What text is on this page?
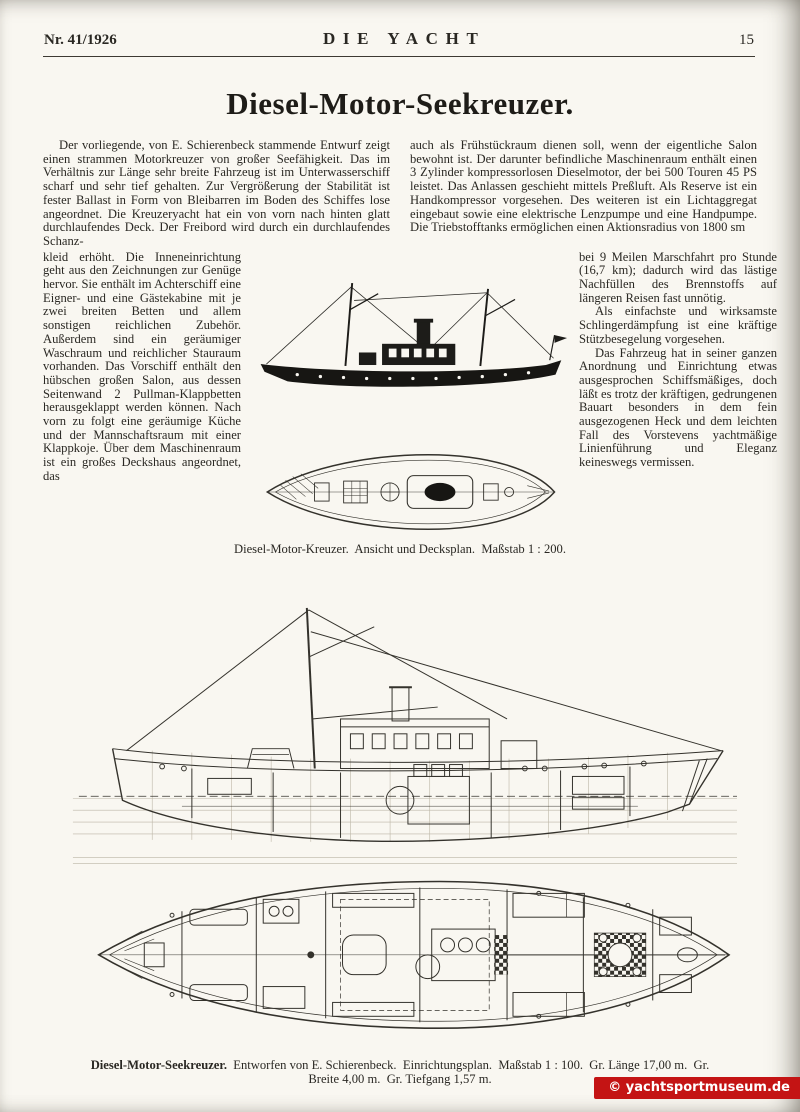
Nr. 41/1926	DIE YACHT	15
Diesel-Motor-Seekreuzer.

Der vorliegende, von E. Schierenbeck stammende Entwurf zeigt einen strammen Motorkreuzer von großer Seefähigkeit. Das im Verhältnis zur Länge sehr breite Fahrzeug ist im Unterwasserschiff scharf und sehr tief gehalten. Zur Vergrößerung der Stabilität ist fester Ballast in Form von Bleibarren im Boden des Schiffes lose angeordnet. Die Kreuzeryacht hat ein von vorn nach hinten glatt durchlaufendes Deck. Der Freibord wird durch ein durchlaufendes Schanz-

auch als Frühstückraum dienen soll, wenn der eigentliche Salon bewohnt ist. Der darunter befindliche Maschinenraum enthält einen 3 Zylinder kompressorlosen Dieselmotor, der bei 500 Touren 45 PS leistet. Das Anlassen geschieht mittels Preßluft. Als Reserve ist ein Handkompressor vorgesehen. Des weiteren ist ein Lichtaggregat eingebaut sowie eine elektrische Lenzpumpe und eine Handpumpe. Die Triebstofftanks ermöglichen einen Aktionsradius von 1800 sm

kleid erhöht. Die Inneneinrichtung geht aus den Zeichnungen zur Genüge hervor. Sie enthält im Achterschiff eine Eigner- und eine Gästekabine mit je zwei breiten Betten und allem sonstigen reichlichen Zubehör. Außerdem sind ein geräumiger Waschraum und reichlicher Stauraum vorhanden. Das Vorschiff enthält den hübschen großen Salon, aus dessen Seitenwand 2 Pullman-Klappbetten herausgeklappt werden können. Nach vorn zu folgt eine geräumige Küche und der Mannschaftsraum mit einer Klappkoje. Über dem Maschinenraum ist ein großes Deckshaus angeordnet, das

bei 9 Meilen Marschfahrt pro Stunde (16,7 km); dadurch wird das lästige Nachfüllen des Brennstoffs auf längeren Reisen fast unnötig.

Als einfachste und wirksamste Schlingerdämpfung ist eine kräftige Stützbesegelung vorgesehen.

Das Fahrzeug hat in seiner ganzen Anordnung und Einrichtung etwas ausgesprochen Schiffsmäßiges, doch läßt es trotz der kräftigen, gedrungenen Bauart besonders in dem fein ausgezogenen Heck und dem leichten Fall des Vorstevens yachtmäßige Linienführung und Eleganz keineswegs vermissen.

Diesel-Motor-Kreuzer.  Ansicht und Decksplan.  Maßstab 1 : 200.

Diesel-Motor-Seekreuzer.  Entworfen von E. Schierenbeck.  Einrichtungsplan.  Maßstab 1 : 100.  Gr. Länge 17,00 m.  Gr. Breite 4,00 m.  Gr. Tiefgang 1,57 m.

© yachtsportmuseum.de
